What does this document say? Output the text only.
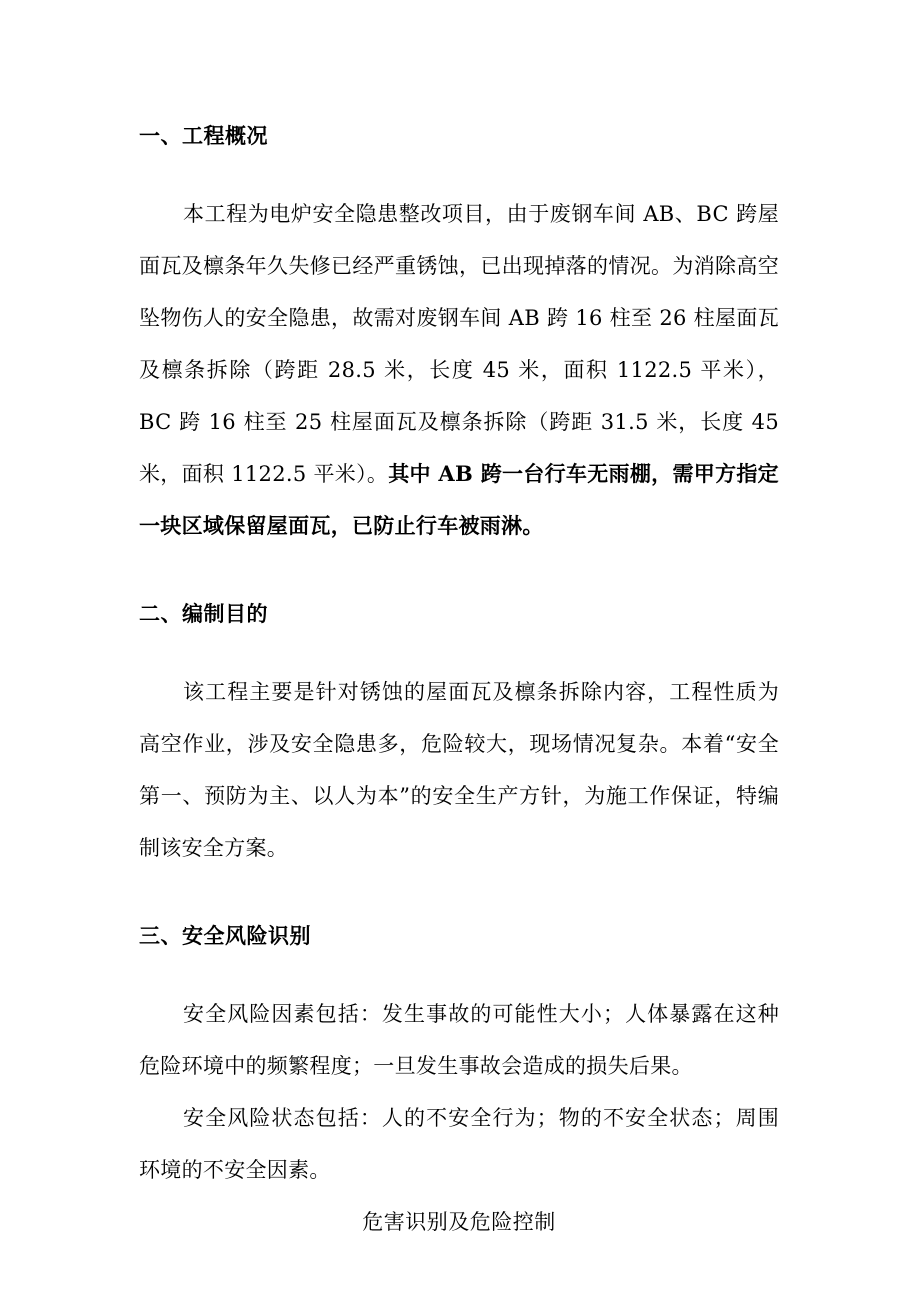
一、工程概况

本工程为电炉安全隐患整改项目，由于废钢车间 AB、BC 跨屋面瓦及檩条年久失修已经严重锈蚀，已出现掉落的情况。为消除高空坠物伤人的安全隐患，故需对废钢车间 AB 跨 16 柱至 26 柱屋面瓦及檩条拆除（跨距 28.5 米，长度 45 米，面积 1122.5 平米），BC 跨 16 柱至 25 柱屋面瓦及檩条拆除（跨距 31.5 米，长度 45 米，面积 1122.5 平米）。其中 AB 跨一台行车无雨棚，需甲方指定一块区域保留屋面瓦，已防止行车被雨淋。

二、编制目的

该工程主要是针对锈蚀的屋面瓦及檩条拆除内容，工程性质为高空作业，涉及安全隐患多，危险较大，现场情况复杂。本着“安全第一、预防为主、以人为本”的安全生产方针，为施工作保证，特编制该安全方案。

三、安全风险识别

安全风险因素包括：发生事故的可能性大小；人体暴露在这种危险环境中的频繁程度；一旦发生事故会造成的损失后果。

安全风险状态包括：人的不安全行为；物的不安全状态；周围环境的不安全因素。

危害识别及危险控制
